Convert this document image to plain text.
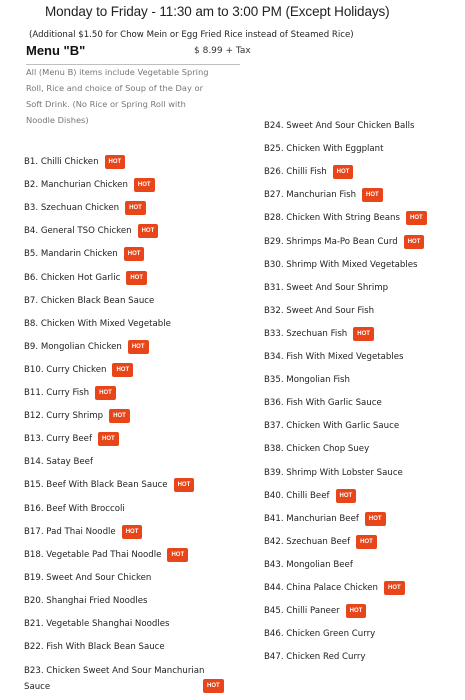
Monday to Friday - 11:30 am to 3:00 PM (Except Holidays)
(Additional $1.50 for Chow Mein or Egg Fried Rice instead of Steamed Rice)
Menu "B"	$ 8.99 + Tax
All (Menu B) items include Vegetable Spring Roll, Rice and choice of Soup of the Day or Soft Drink. (No Rice or Spring Roll with Noodle Dishes)
B1. Chilli Chicken HOT
B2. Manchurian Chicken HOT
B3. Szechuan Chicken HOT
B4. General TSO Chicken HOT
B5. Mandarin Chicken HOT
B6. Chicken Hot Garlic HOT
B7. Chicken Black Bean Sauce
B8. Chicken With Mixed Vegetable
B9. Mongolian Chicken HOT
B10. Curry Chicken HOT
B11. Curry Fish HOT
B12. Curry Shrimp HOT
B13. Curry Beef HOT
B14. Satay Beef
B15. Beef With Black Bean Sauce HOT
B16. Beef With Broccoli
B17. Pad Thai Noodle HOT
B18. Vegetable Pad Thai Noodle HOT
B19. Sweet And Sour Chicken
B20. Shanghai Fried Noodles
B21. Vegetable Shanghai Noodles
B22. Fish With Black Bean Sauce
B24. Sweet And Sour Chicken Balls
B25. Chicken With Eggplant
B26. Chilli Fish HOT
B27. Manchurian Fish HOT
B28. Chicken With String Beans HOT
B29. Shrimps Ma-Po Bean Curd HOT
B30. Shrimp With Mixed Vegetables
B31. Sweet And Sour Shrimp
B32. Sweet And Sour Fish
B33. Szechuan Fish HOT
B34. Fish With Mixed Vegetables
B35. Mongolian Fish
B36. Fish With Garlic Sauce
B37. Chicken With Garlic Sauce
B38. Chicken Chop Suey
B39. Shrimp With Lobster Sauce
B40. Chilli Beef HOT
B41. Manchurian Beef HOT
B42. Szechuan Beef HOT
B43. Mongolian Beef
B44. China Palace Chicken HOT
B45. Chilli Paneer HOT
B46. Chicken Green Curry
B47. Chicken Red Curry
B23. Chicken Sweet And Sour Manchurian
Sauce	HOT
